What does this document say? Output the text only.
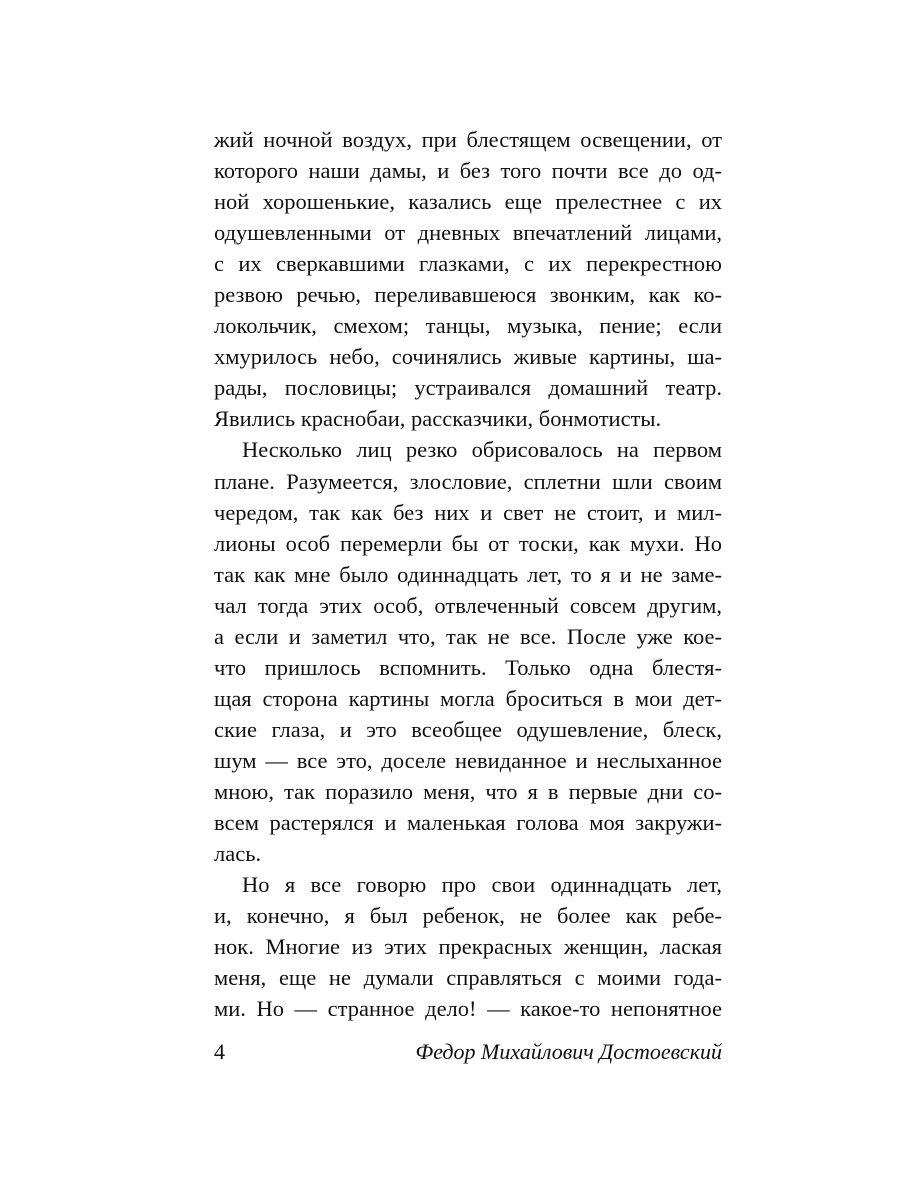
жий ночной воздух, при блестящем освещении, от
которого наши дамы, и без того почти все до од-
ной хорошенькие, казались еще прелестнее с их
одушевленными от дневных впечатлений лицами,
с их сверкавшими глазками, с их перекрестною
резвою речью, переливавшеюся звонким, как ко-
локольчик, смехом; танцы, музыка, пение; если
хмурилось небо, сочинялись живые картины, ша-
рады, пословицы; устраивался домашний театр.
Явились краснобаи, рассказчики, бонмотисты.
Несколько лиц резко обрисовалось на первом
плане. Разумеется, злословие, сплетни шли своим
чередом, так как без них и свет не стоит, и мил-
лионы особ перемерли бы от тоски, как мухи. Но
так как мне было одиннадцать лет, то я и не заме-
чал тогда этих особ, отвлеченный совсем другим,
а если и заметил что, так не все. После уже кое-
что пришлось вспомнить. Только одна блестя-
щая сторона картины могла броситься в мои дет-
ские глаза, и это всеобщее одушевление, блеск,
шум — все это, доселе невиданное и неслыханное
мною, так поразило меня, что я в первые дни со-
всем растерялся и маленькая голова моя закружи-
лась.
Но я все говорю про свои одиннадцать лет,
и, конечно, я был ребенок, не более как ребе-
нок. Многие из этих прекрасных женщин, лаская
меня, еще не думали справляться с моими года-
ми. Но — странное дело! — какое-то непонятное
4	Федор Михайлович Достоевский
